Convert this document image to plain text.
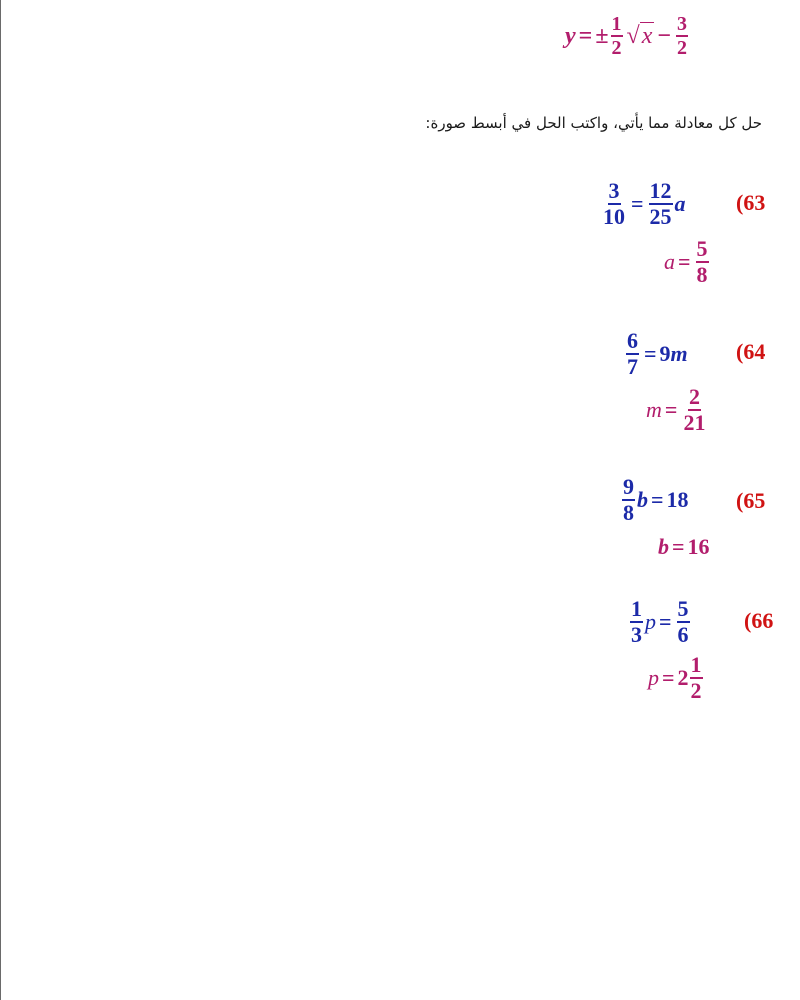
y = ± $\frac{1}{2}$ √ $x - \frac{3}{2}$
حل كل معادلة مما يأتي، واكتب الحل في أبسط صورة:
$\frac{3}{10} = \frac{12}{25}$ a (63
$a = \frac{5}{8}$
$\frac{6}{7} = 9$ m (64
$m = \frac{2}{21}$
$\frac{9}{8}$ b = 18 (65
b = 16
$\frac{1}{3}$ $p = \frac{5}{6} (66$
$p = 2 \frac{1}{2}$
